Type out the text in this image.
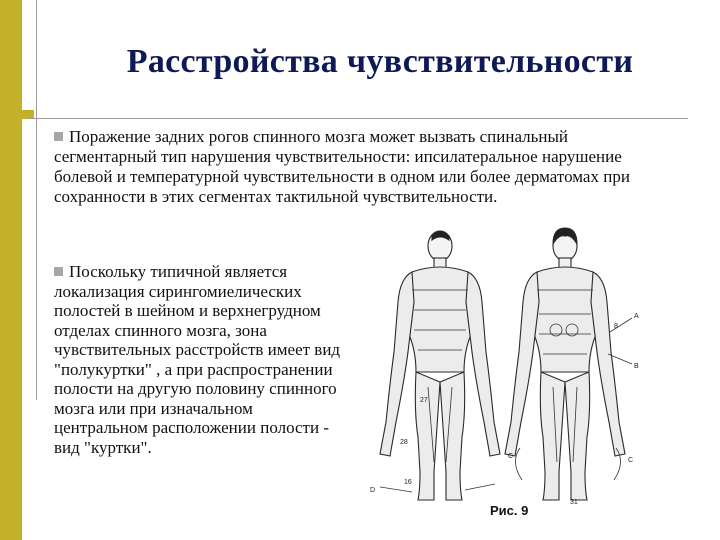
Расстройства чувствительности

Поражение задних рогов спинного мозга может вызвать спинальный сегментарный тип нарушения чувствительности: ипсилатеральное нарушение болевой и температурной чувствительности в одном или более дерматомах при сохранности в этих сегментах тактильной чувствительности.

Поскольку типичной является локализация сирингомиелических полостей в шейном и верхнегрудном отделах спинного мозга, зона чувствительных расстройств имеет вид "полукуртки" , а при распространении полости на другую половину спинного мозга или при изначальном центральном расположении полости - вид "куртки".

A
B
C
C
D
27
28
16
31
8
Рис. 9
